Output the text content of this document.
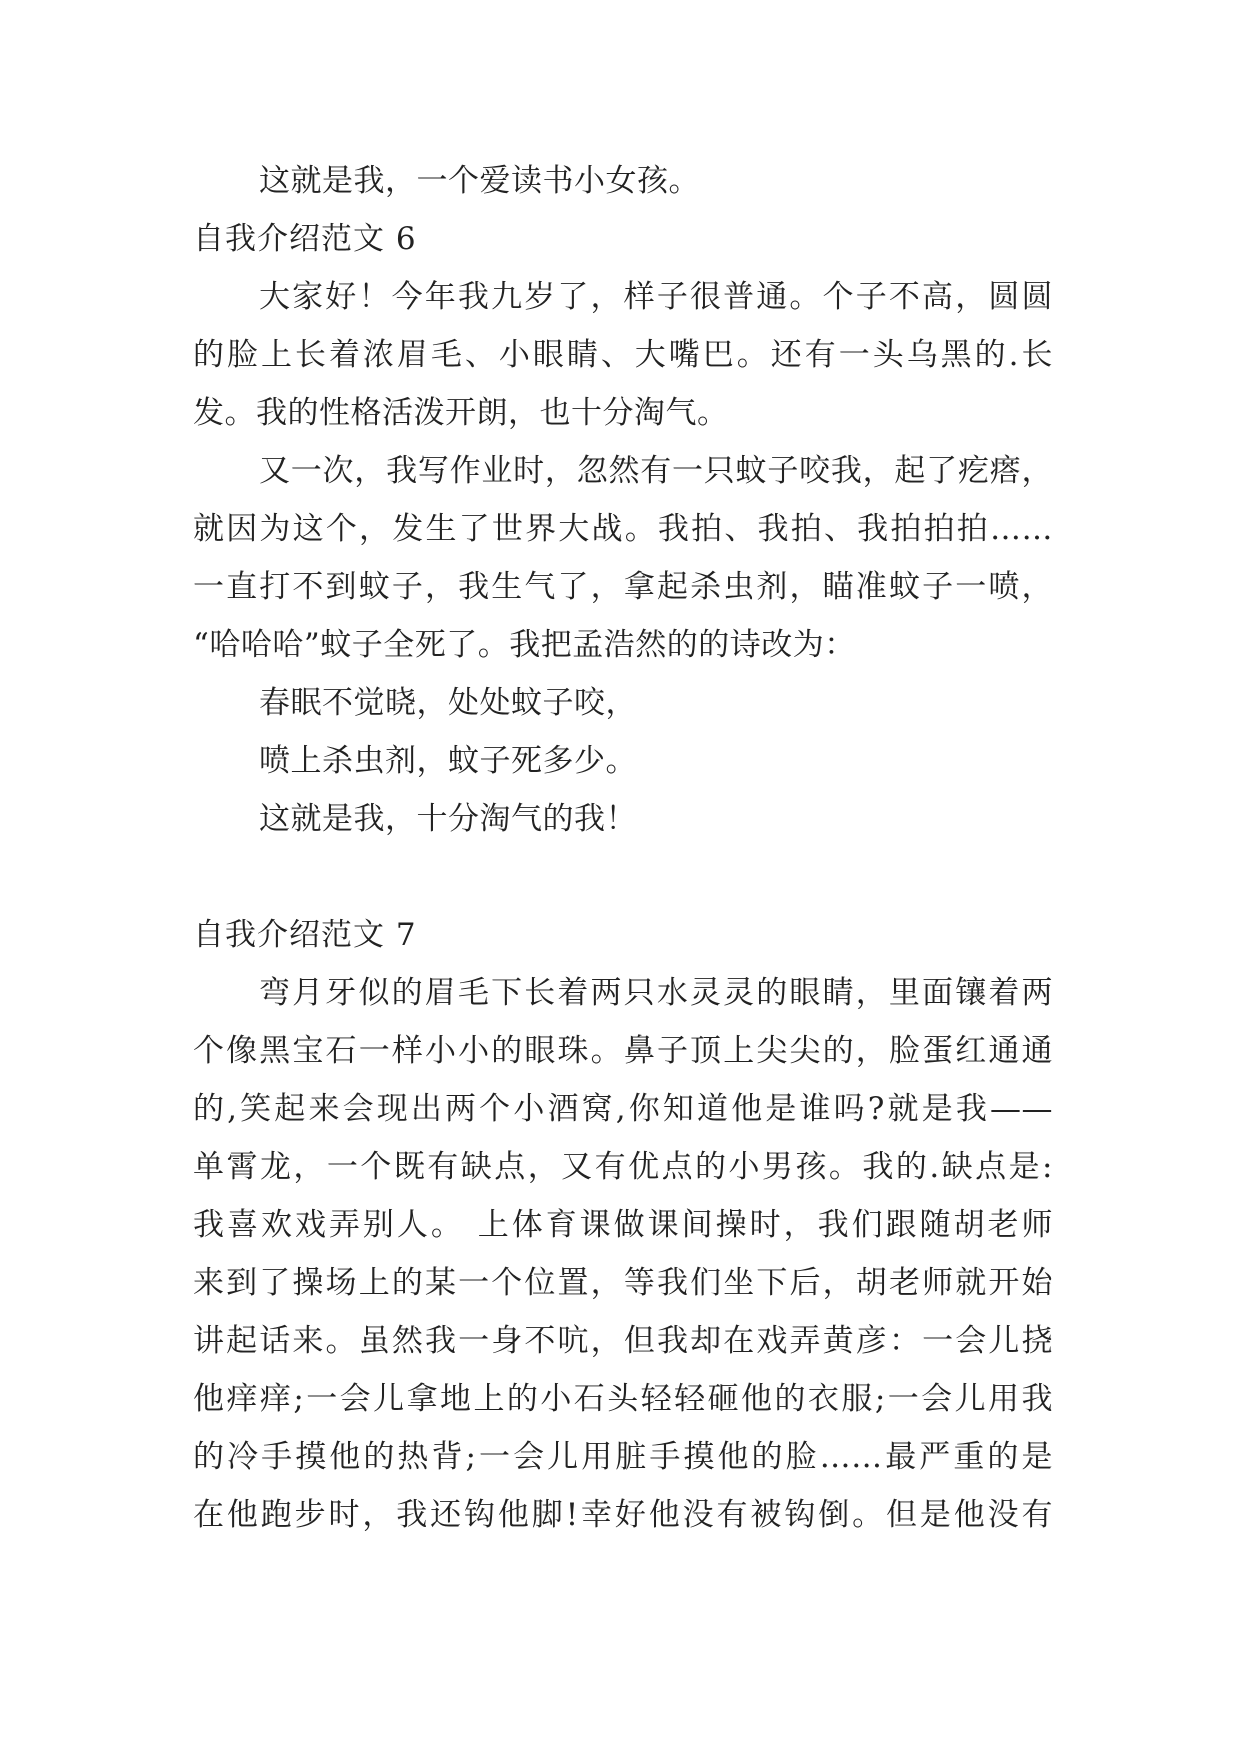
这就是我，一个爱读书小女孩。
自我介绍范文 6
大家好！今年我九岁了，样子很普通。个子不高，圆圆
的脸上长着浓眉毛、小眼睛、大嘴巴。还有一头乌黑的.长
发。我的性格活泼开朗，也十分淘气。
又一次，我写作业时，忽然有一只蚊子咬我，起了疙瘩，
就因为这个，发生了世界大战。我拍、我拍、我拍拍拍……
一直打不到蚊子，我生气了，拿起杀虫剂，瞄准蚊子一喷，
“哈哈哈”蚊子全死了。我把孟浩然的的诗改为：
春眠不觉晓，处处蚊子咬，
喷上杀虫剂，蚊子死多少。
这就是我，十分淘气的我！
自我介绍范文 7
弯月牙似的眉毛下长着两只水灵灵的眼睛，里面镶着两
个像黑宝石一样小小的眼珠。鼻子顶上尖尖的，脸蛋红通通
的,笑起来会现出两个小酒窝,你知道他是谁吗?就是我——
单霄龙，一个既有缺点，又有优点的小男孩。我的.缺点是:
我喜欢戏弄别人。 上体育课做课间操时，我们跟随胡老师
来到了操场上的某一个位置，等我们坐下后，胡老师就开始
讲起话来。虽然我一身不吭，但我却在戏弄黄彦：一会儿挠
他痒痒;一会儿拿地上的小石头轻轻砸他的衣服;一会儿用我
的冷手摸他的热背;一会儿用脏手摸他的脸……最严重的是
在他跑步时，我还钩他脚!幸好他没有被钩倒。但是他没有
